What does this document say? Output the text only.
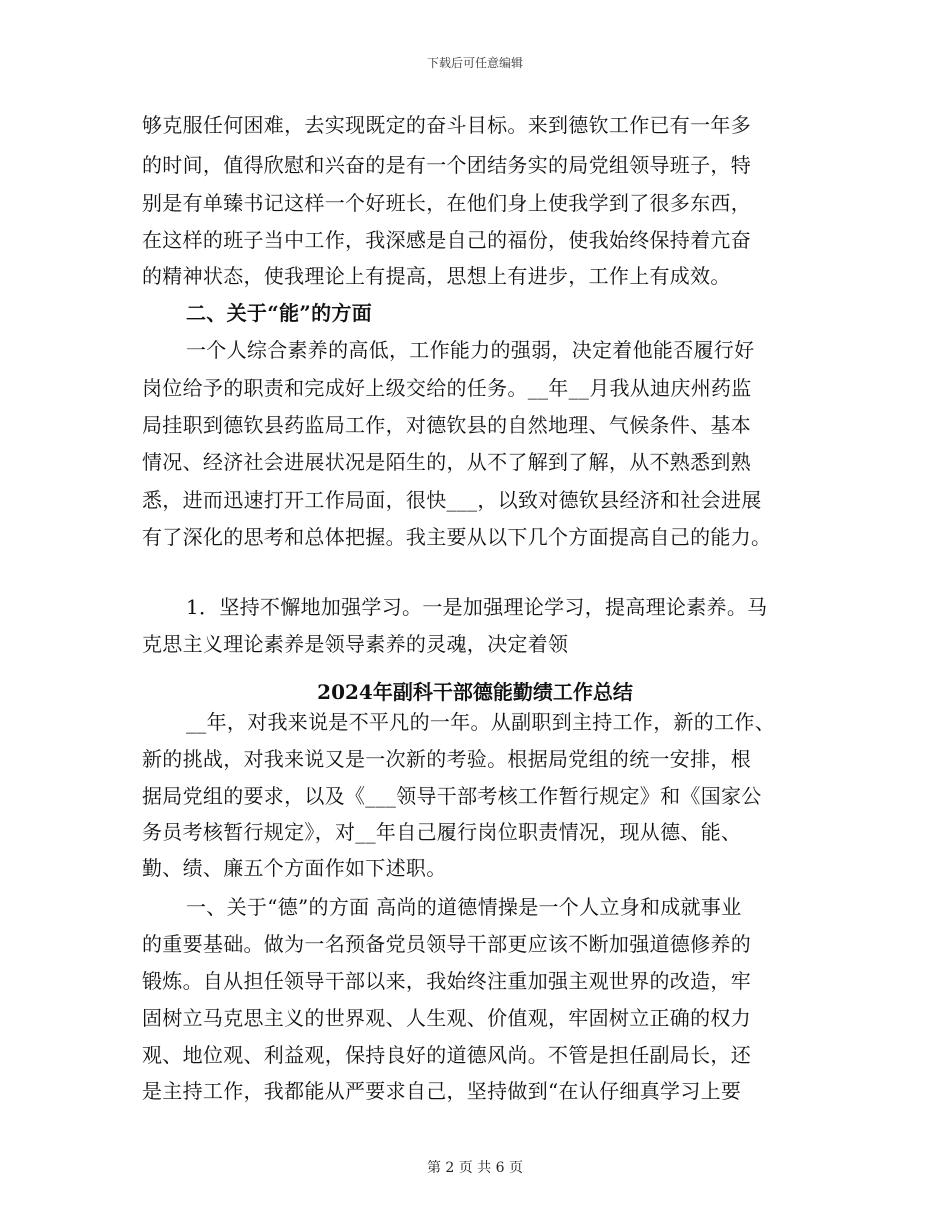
下载后可任意编辑
够克服任何困难，去实现既定的奋斗目标。来到德钦工作已有一年多
的时间，值得欣慰和兴奋的是有一个团结务实的局党组领导班子，特
别是有单臻书记这样一个好班长，在他们身上使我学到了很多东西，
在这样的班子当中工作，我深感是自己的福份，使我始终保持着亢奋
的精神状态，使我理论上有提高，思想上有进步，工作上有成效。
二、关于“能”的方面
一个人综合素养的高低，工作能力的强弱，决定着他能否履行好
岗位给予的职责和完成好上级交给的任务。__年__月我从迪庆州药监
局挂职到德钦县药监局工作，对德钦县的自然地理、气候条件、基本
情况、经济社会进展状况是陌生的，从不了解到了解，从不熟悉到熟
悉，进而迅速打开工作局面，很快___，以致对德钦县经济和社会进展
有了深化的思考和总体把握。我主要从以下几个方面提高自己的能力。
1．坚持不懈地加强学习。一是加强理论学习，提高理论素养。马
克思主义理论素养是领导素养的灵魂，决定着领
2024年副科干部德能勤绩工作总结
__年，对我来说是不平凡的一年。从副职到主持工作，新的工作、
新的挑战，对我来说又是一次新的考验。根据局党组的统一安排，根
据局党组的要求，以及《___领导干部考核工作暂行规定》和《国家公
务员考核暂行规定》，对__年自己履行岗位职责情况，现从德、能、
勤、绩、廉五个方面作如下述职。
一、关于“德”的方面 高尚的道德情操是一个人立身和成就事业
的重要基础。做为一名预备党员领导干部更应该不断加强道德修养的
锻炼。自从担任领导干部以来，我始终注重加强主观世界的改造，牢
固树立马克思主义的世界观、人生观、价值观，牢固树立正确的权力
观、地位观、利益观，保持良好的道德风尚。不管是担任副局长，还
是主持工作，我都能从严要求自己，坚持做到“在认仔细真学习上要
第 2 页 共 6 页
